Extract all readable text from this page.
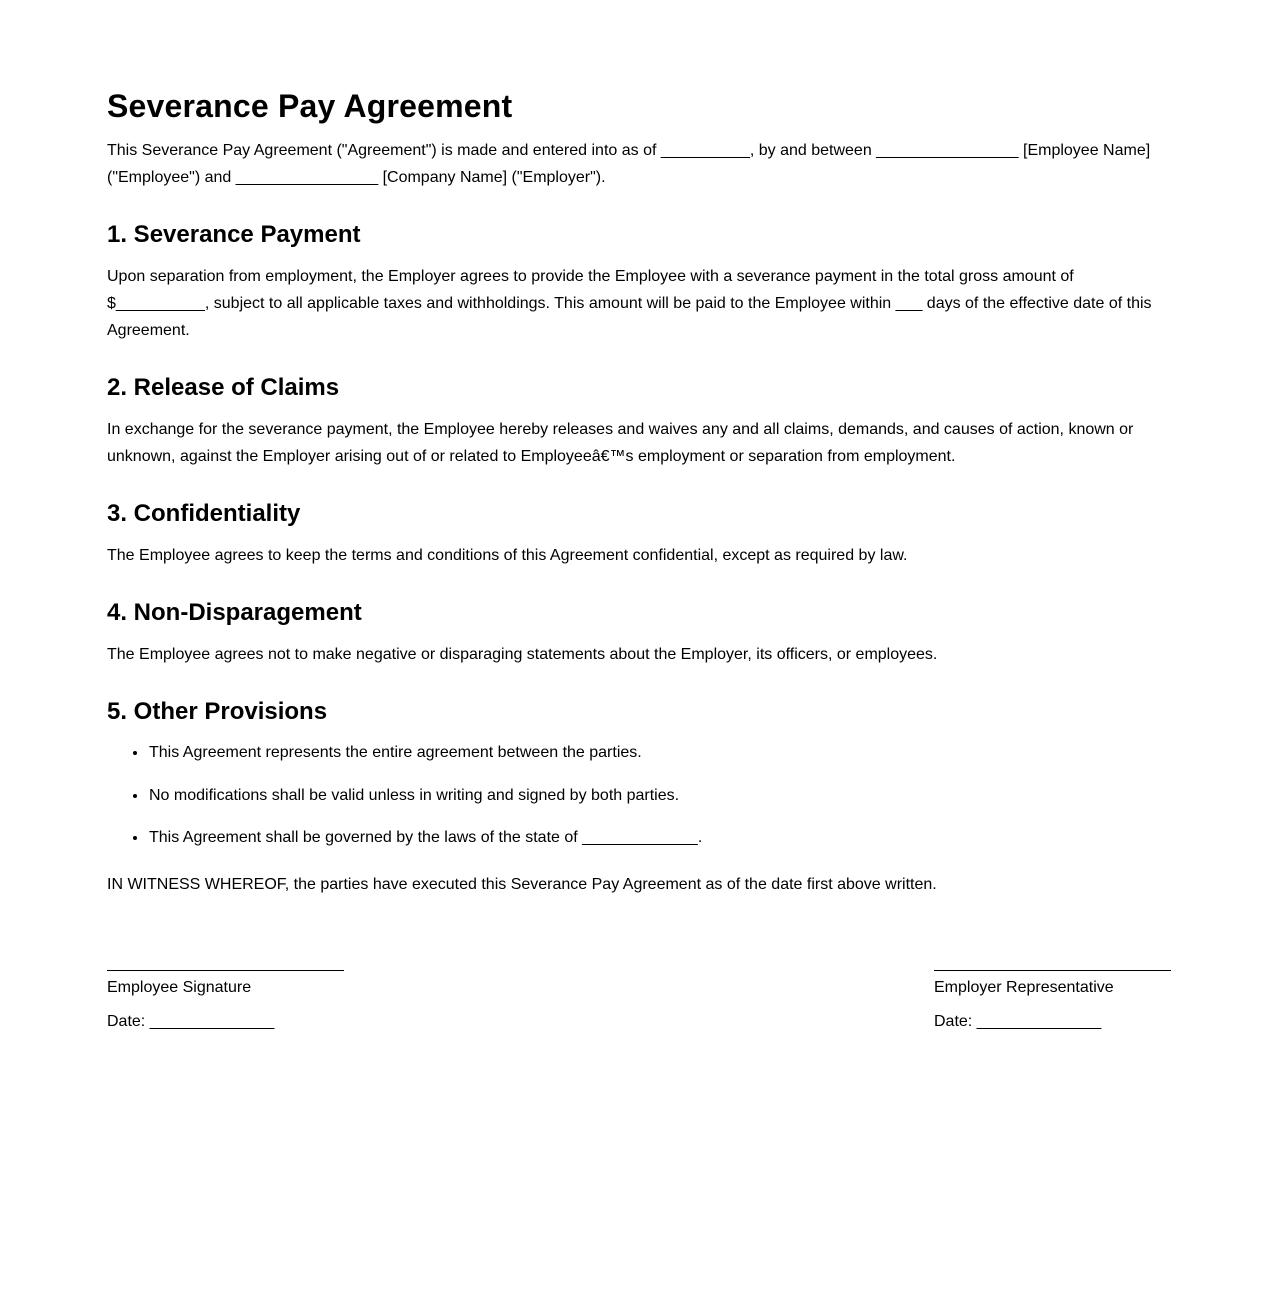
Severance Pay Agreement

This Severance Pay Agreement ("Agreement") is made and entered into as of __________, by and between ________________ [Employee Name] ("Employee") and ________________ [Company Name] ("Employer").

1. Severance Payment

Upon separation from employment, the Employer agrees to provide the Employee with a severance payment in the total gross amount of $__________, subject to all applicable taxes and withholdings. This amount will be paid to the Employee within ___ days of the effective date of this Agreement.

2. Release of Claims

In exchange for the severance payment, the Employee hereby releases and waives any and all claims, demands, and causes of action, known or unknown, against the Employer arising out of or related to Employeeâ€™s employment or separation from employment.

3. Confidentiality

The Employee agrees to keep the terms and conditions of this Agreement confidential, except as required by law.

4. Non-Disparagement

The Employee agrees not to make negative or disparaging statements about the Employer, its officers, or employees.

5. Other Provisions
• This Agreement represents the entire agreement between the parties.
• No modifications shall be valid unless in writing and signed by both parties.
• This Agreement shall be governed by the laws of the state of _____________.

IN WITNESS WHEREOF, the parties have executed this Severance Pay Agreement as of the date first above written.

Employee Signature

Date: ______________

Employer Representative

Date: ______________
